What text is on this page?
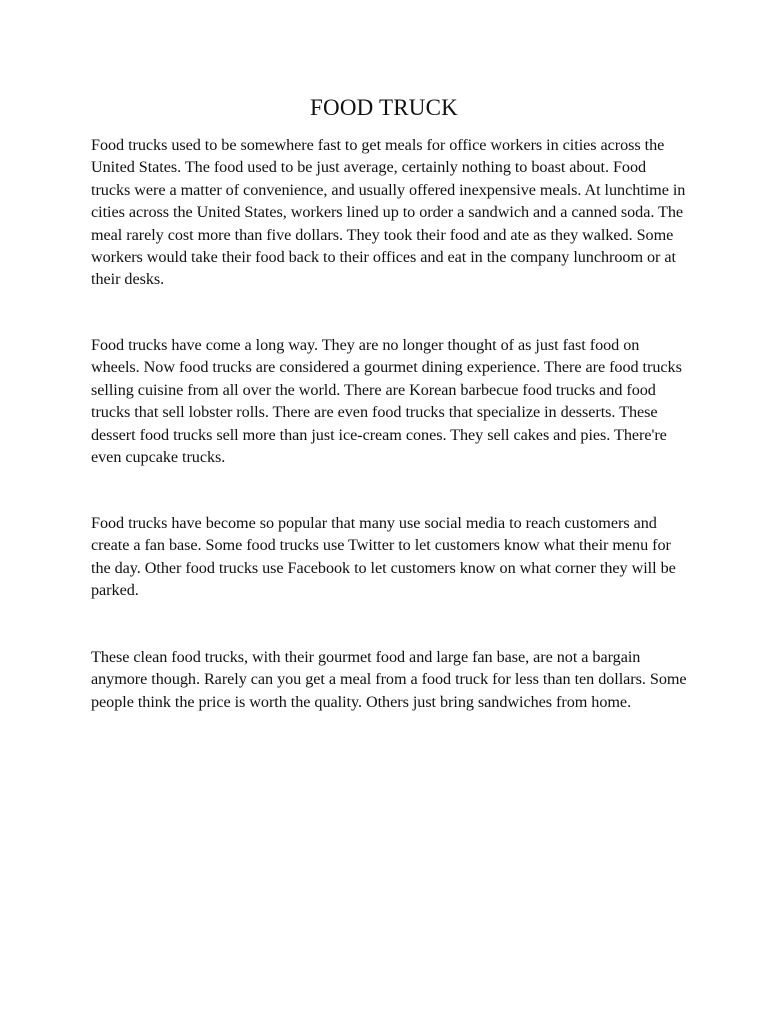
FOOD TRUCK

Food trucks used to be somewhere fast to get meals for office workers in cities across the United States. The food used to be just average, certainly nothing to boast about. Food trucks were a matter of convenience, and usually offered inexpensive meals. At lunchtime in cities across the United States, workers lined up to order a sandwich and a canned soda. The meal rarely cost more than five dollars. They took their food and ate as they walked. Some workers would take their food back to their offices and eat in the company lunchroom or at their desks.

Food trucks have come a long way. They are no longer thought of as just fast food on wheels. Now food trucks are considered a gourmet dining experience. There are food trucks selling cuisine from all over the world. There are Korean barbecue food trucks and food trucks that sell lobster rolls. There are even food trucks that specialize in desserts. These dessert food trucks sell more than just ice-cream cones. They sell cakes and pies. There're even cupcake trucks.

Food trucks have become so popular that many use social media to reach customers and create a fan base. Some food trucks use Twitter to let customers know what their menu for the day. Other food trucks use Facebook to let customers know on what corner they will be parked.

These clean food trucks, with their gourmet food and large fan base, are not a bargain anymore though. Rarely can you get a meal from a food truck for less than ten dollars. Some people think the price is worth the quality. Others just bring sandwiches from home.
